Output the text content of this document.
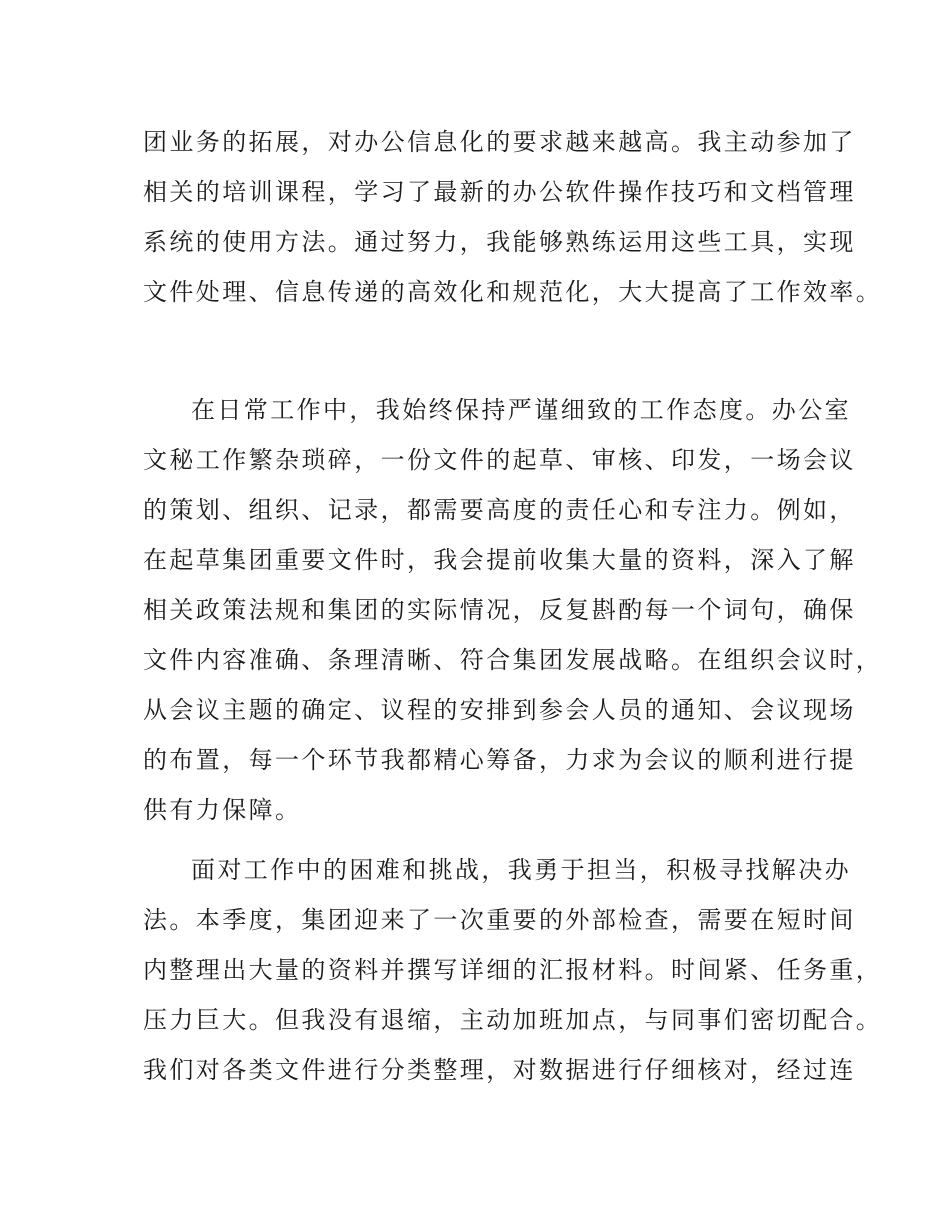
团业务的拓展，对办公信息化的要求越来越高。我主动参加了
相关的培训课程，学习了最新的办公软件操作技巧和文档管理
系统的使用方法。通过努力，我能够熟练运用这些工具，实现
文件处理、信息传递的高效化和规范化，大大提高了工作效率。
在日常工作中，我始终保持严谨细致的工作态度。办公室
文秘工作繁杂琐碎，一份文件的起草、审核、印发，一场会议
的策划、组织、记录，都需要高度的责任心和专注力。例如，
在起草集团重要文件时，我会提前收集大量的资料，深入了解
相关政策法规和集团的实际情况，反复斟酌每一个词句，确保
文件内容准确、条理清晰、符合集团发展战略。在组织会议时，
从会议主题的确定、议程的安排到参会人员的通知、会议现场
的布置，每一个环节我都精心筹备，力求为会议的顺利进行提
供有力保障。
面对工作中的困难和挑战，我勇于担当，积极寻找解决办
法。本季度，集团迎来了一次重要的外部检查，需要在短时间
内整理出大量的资料并撰写详细的汇报材料。时间紧、任务重，
压力巨大。但我没有退缩，主动加班加点，与同事们密切配合。
我们对各类文件进行分类整理，对数据进行仔细核对，经过连
